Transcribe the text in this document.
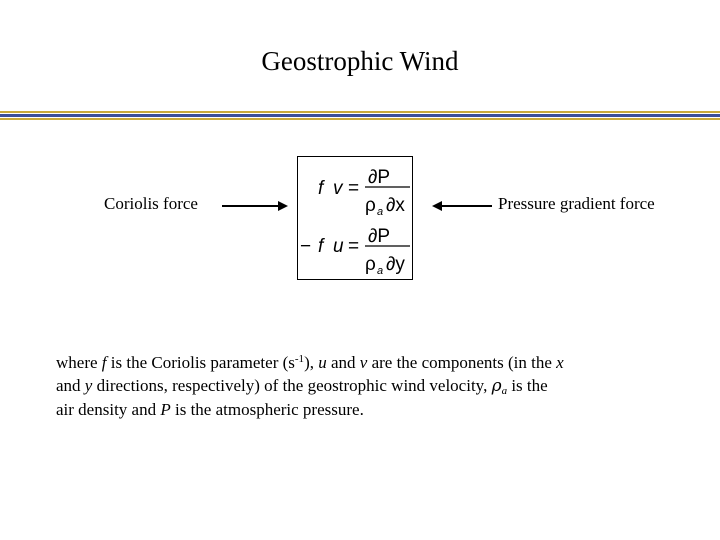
Geostrophic Wind
Coriolis force
f v =
∂P
ρ a ∂x
− f u = ∂P
ρ a ∂y
Pressure gradient force
where f is the Coriolis parameter $(s^{-1})$, u and v are the components (in the x
and y directions, respectively) of the geostrophic wind velocity, $\rho_a$ is the
air density and P is the atmospheric pressure.
